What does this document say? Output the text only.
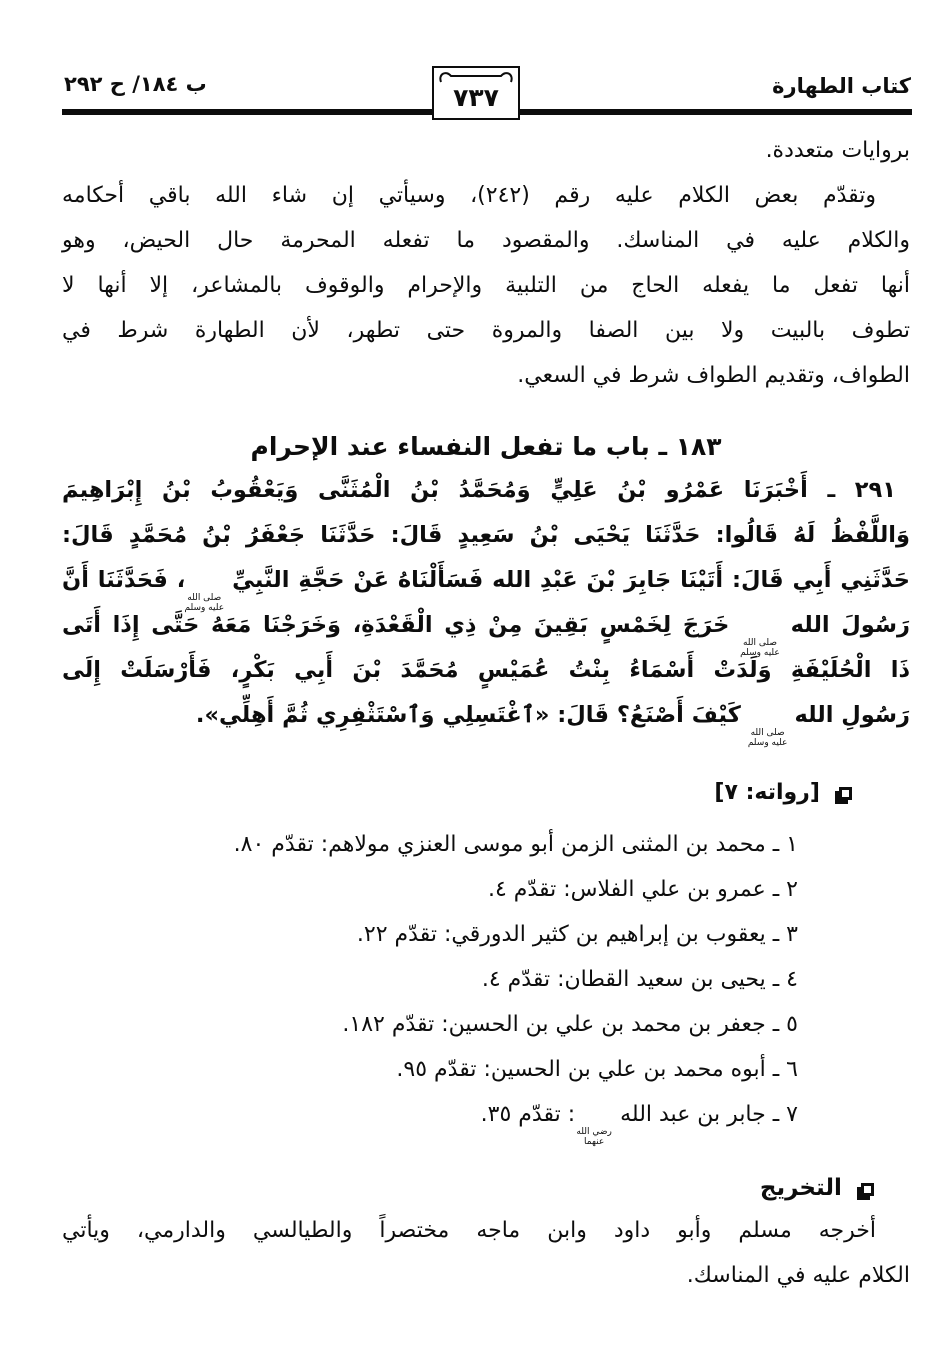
كتاب الطهارة
ب ١٨٤/ ح ٢٩٢	٧٣٧
بروايات متعددة.
وتقدّم بعض الكلام عليه رقم (٢٤٢)، وسيأتي إن شاء الله باقي أحكامه
والكلام عليه في المناسك. والمقصود ما تفعله المحرمة حال الحيض، وهو
أنها تفعل ما يفعله الحاج من التلبية والإحرام والوقوف بالمشاعر، إلا أنها لا
تطوف بالبيت ولا بين الصفا والمروة حتى تطهر، لأن الطهارة شرط في
الطواف، وتقديم الطواف شرط في السعي.
١٨٣ ـ باب ما تفعل النفساء عند الإحرام
٢٩١ ـ أَخْبَرَنَا عَمْرُو بْنُ عَلِيٍّ وَمُحَمَّدُ بْنُ الْمُثَنَّى وَيَعْقُوبُ بْنُ إِبْرَاهِيمَ
وَاللَّفْظُ لَهُ قَالُوا: حَدَّثَنَا يَحْيَى بْنُ سَعِيدٍ قَالَ: حَدَّثَنَا جَعْفَرُ بْنُ مُحَمَّدٍ قَالَ:
حَدَّثَنِي أَبِي قَالَ: أَتَيْنَا جَابِرَ بْنَ عَبْدِ الله فَسَأَلْنَاهُ عَنْ حَجَّةِ النَّبِيِّ
صلى الله
عليه وسلم
، فَحَدَّثَنَا أَنَّ
رَسُولَ الله
صلى الله
عليه وسلم
خَرَجَ لِخَمْسٍ بَقِينَ مِنْ ذِي الْقَعْدَةِ، وَخَرَجْنَا مَعَهُ حَتَّى إِذَا أَتَى
ذَا الْحُلَيْفَةِ وَلَدَتْ أَسْمَاءُ بِنْتُ عُمَيْسٍ مُحَمَّدَ بْنَ أَبِي بَكْرٍ، فَأَرْسَلَتْ إِلَى
رَسُولِ الله
صلى الله
عليه وسلم
كَيْفَ أَصْنَعُ؟ قَالَ: «ٱغْتَسِلِي وَٱسْتَثْفِرِي ثُمَّ أَهِلِّي».
[رواته: ٧]
١ ـ محمد بن المثنى الزمن أبو موسى العنزي مولاهم: تقدّم ٨٠.
٢ ـ عمرو بن علي الفلاس: تقدّم ٤.
٣ ـ يعقوب بن إبراهيم بن كثير الدورقي: تقدّم ٢٢.
٤ ـ يحيى بن سعيد القطان: تقدّم ٤.
٥ ـ جعفر بن محمد بن علي بن الحسين: تقدّم ١٨٢.
٦ ـ أبوه محمد بن علي بن الحسين: تقدّم ٩٥.
٧ ـ جابر بن عبد الله
رضي الله
عنهما
: تقدّم ٣٥.
التخريج
أخرجه مسلم وأبو داود وابن ماجه مختصراً والطيالسي والدارمي، ويأتي
الكلام عليه في المناسك.
